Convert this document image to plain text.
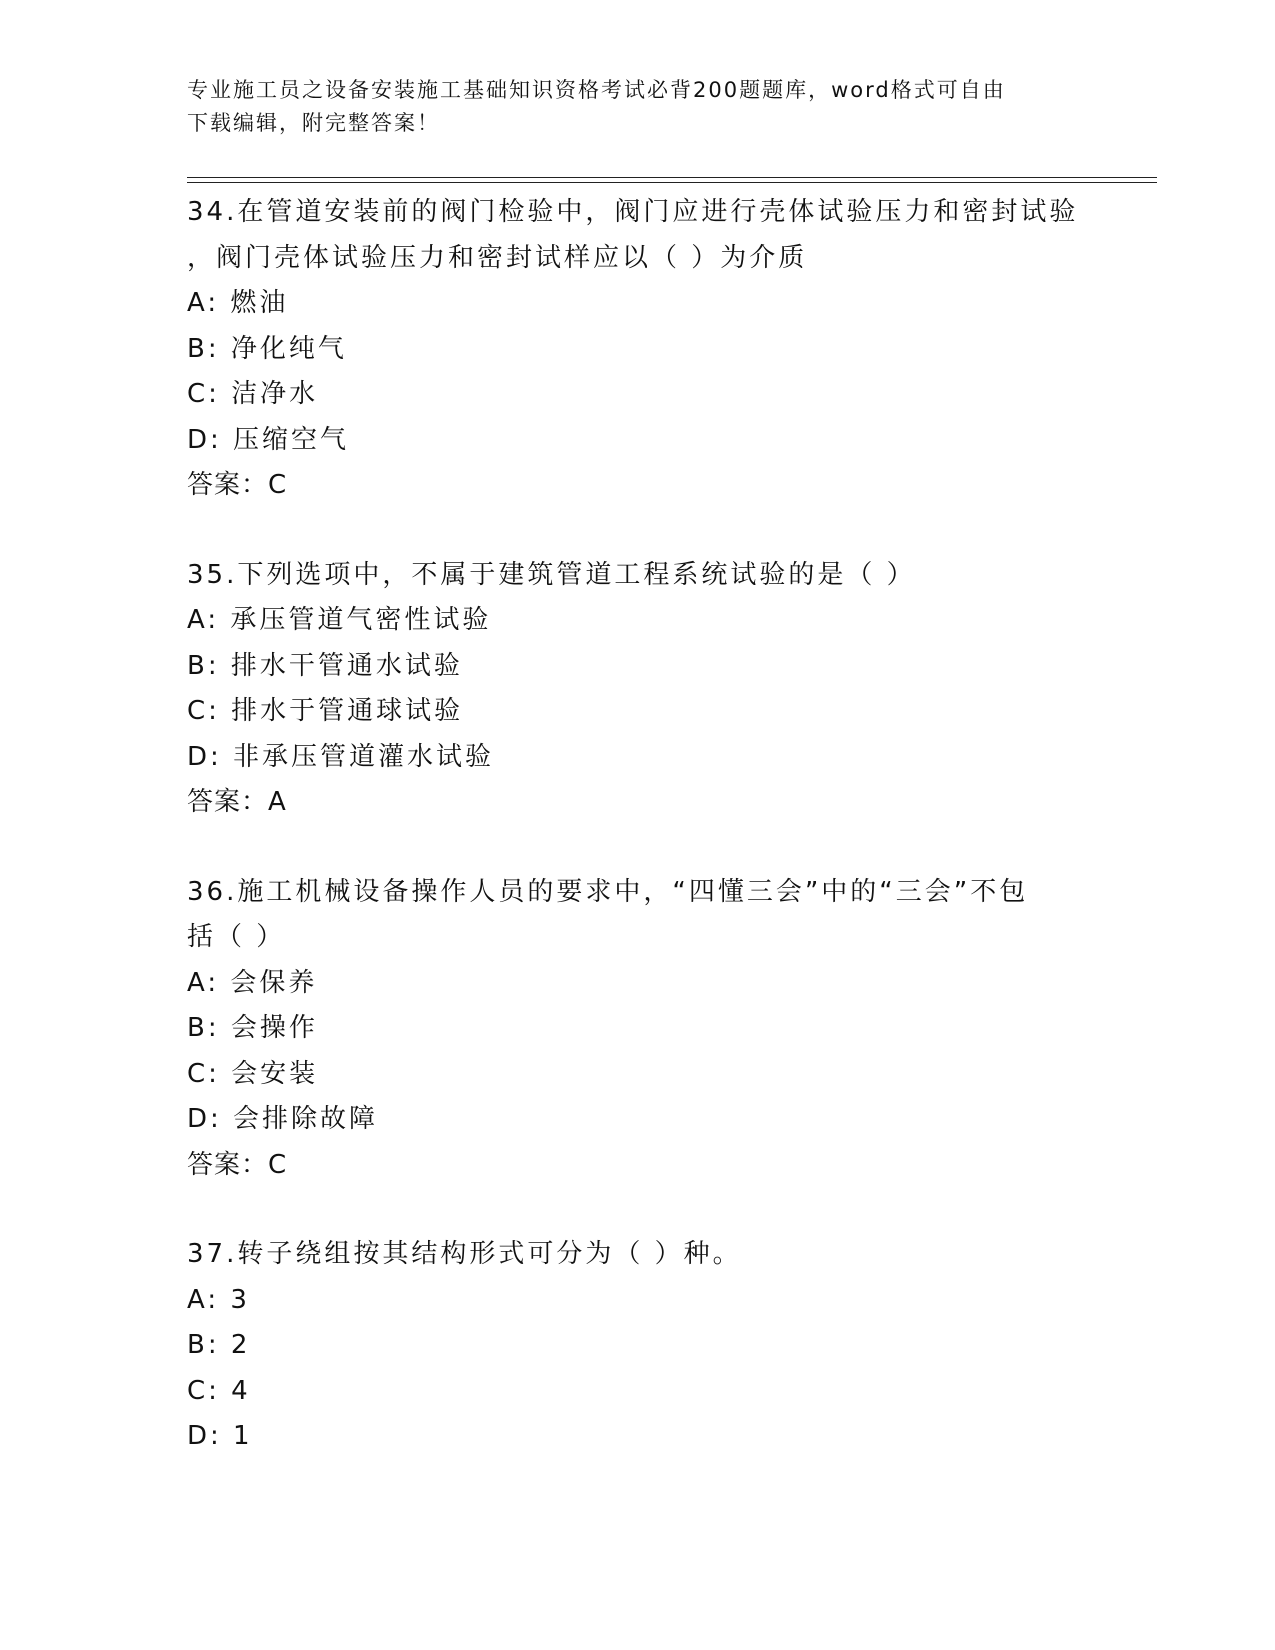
专业施工员之设备安装施工基础知识资格考试必背200题题库，word格式可自由
下载编辑，附完整答案！

34.在管道安装前的阀门检验中，阀门应进行壳体试验压力和密封试验

，阀门壳体试验压力和密封试样应以（ ）为介质

A: 燃油

B: 净化纯气

C: 洁净水

D: 压缩空气

答案：C

35.下列选项中，不属于建筑管道工程系统试验的是（ ）

A: 承压管道气密性试验

B: 排水干管通水试验

C: 排水于管通球试验

D: 非承压管道灌水试验

答案：A

36.施工机械设备操作人员的要求中，“四懂三会”中的“三会”不包

括（ ）

A: 会保养

B: 会操作

C: 会安装

D: 会排除故障

答案：C

37.转子绕组按其结构形式可分为（ ）种。

A: 3

B: 2

C: 4

D: 1
